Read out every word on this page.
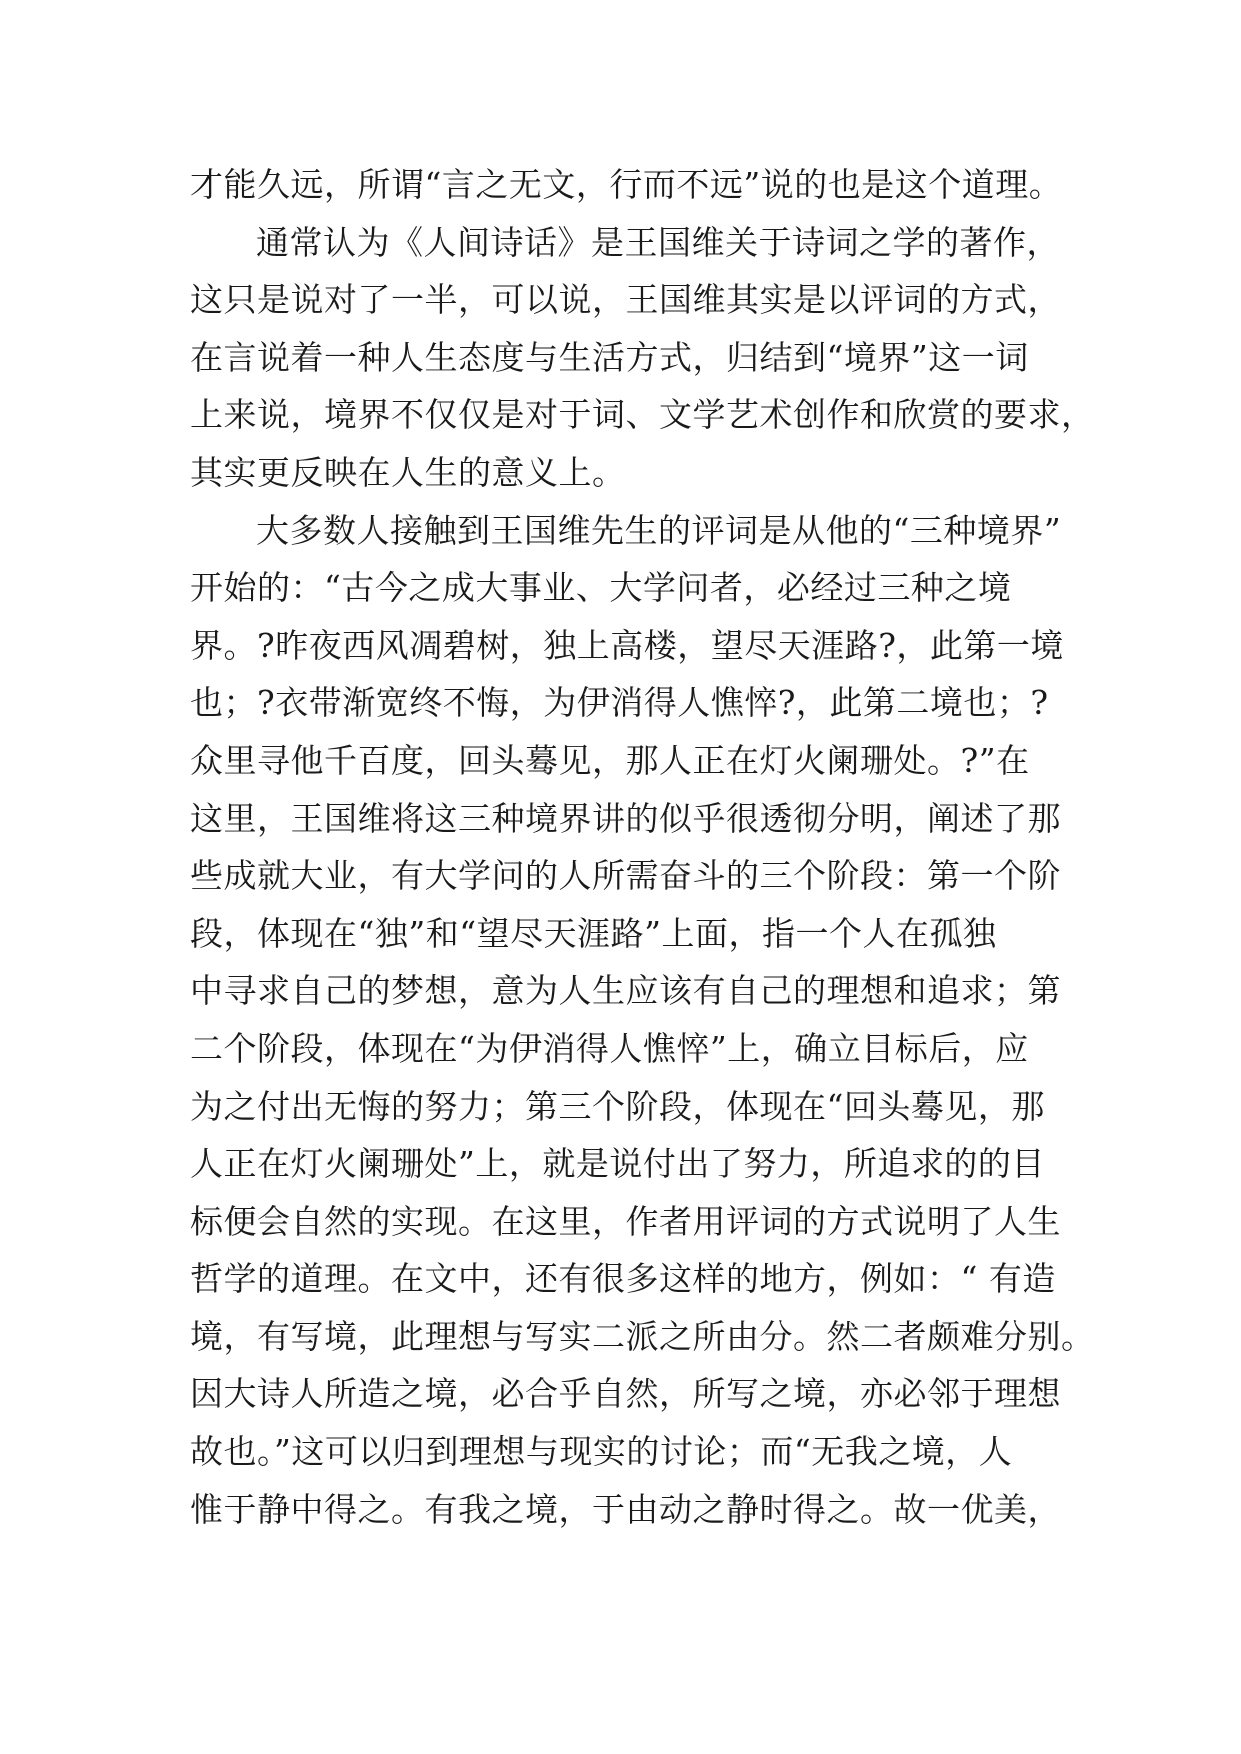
才能久远，所谓“言之无文，行而不远”说的也是这个道理。
通常认为《人间诗话》是王国维关于诗词之学的著作，
这只是说对了一半，可以说，王国维其实是以评词的方式，
在言说着一种人生态度与生活方式，归结到“境界”这一词
上来说，境界不仅仅是对于词、文学艺术创作和欣赏的要求，
其实更反映在人生的意义上。
大多数人接触到王国维先生的评词是从他的“三种境界”
开始的：“古今之成大事业、大学问者，必经过三种之境
界。?昨夜西风凋碧树，独上高楼，望尽天涯路?，此第一境
也；?衣带渐宽终不悔，为伊消得人憔悴?，此第二境也；?
众里寻他千百度，回头蓦见，那人正在灯火阑珊处。?”在
这里，王国维将这三种境界讲的似乎很透彻分明，阐述了那
些成就大业，有大学问的人所需奋斗的三个阶段：第一个阶
段，体现在“独”和“望尽天涯路”上面，指一个人在孤独
中寻求自己的梦想，意为人生应该有自己的理想和追求；第
二个阶段，体现在“为伊消得人憔悴”上，确立目标后，应
为之付出无悔的努力；第三个阶段，体现在“回头蓦见，那
人正在灯火阑珊处”上，就是说付出了努力，所追求的的目
标便会自然的实现。在这里，作者用评词的方式说明了人生
哲学的道理。在文中，还有很多这样的地方，例如：“ 有造
境，有写境，此理想与写实二派之所由分。然二者颇难分别。
因大诗人所造之境，必合乎自然，所写之境，亦必邻于理想
故也。”这可以归到理想与现实的讨论；而“无我之境，人
惟于静中得之。有我之境，于由动之静时得之。故一优美，
